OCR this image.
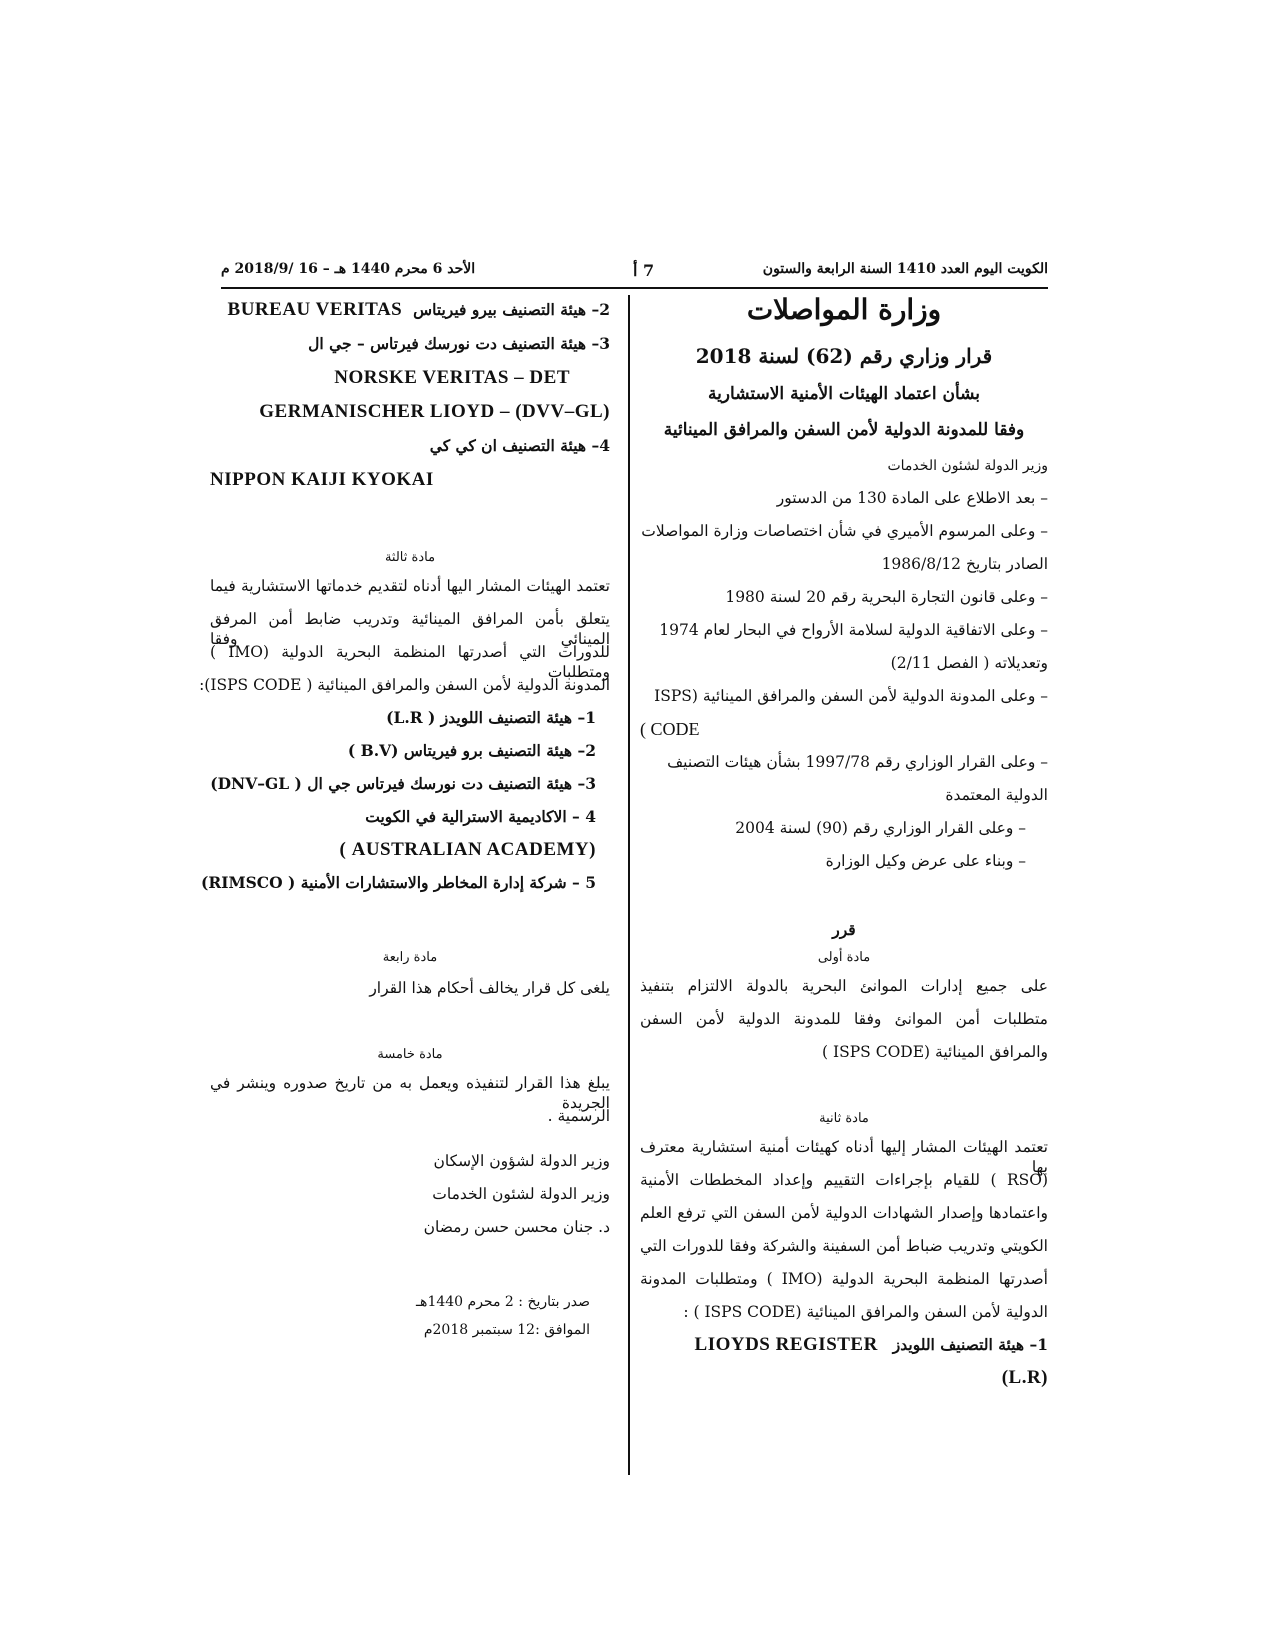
الكويت اليوم العدد 1410 السنة الرابعة والستون
7 أ
الأحد 6 محرم 1440 هـ – 16 /2018/9 م
وزارة المواصلات
قرار وزاري رقم (62) لسنة 2018
بشأن اعتماد الهيئات الأمنية الاستشارية
وفقا للمدونة الدولية لأمن السفن والمرافق المينائية
وزير الدولة لشئون الخدمات
– بعد الاطلاع على المادة 130 من الدستور
– وعلى المرسوم الأميري في شأن اختصاصات وزارة المواصلات
الصادر بتاريخ 1986/8/12
– وعلى قانون التجارة البحرية رقم 20 لسنة 1980
– وعلى الاتفاقية الدولية لسلامة الأرواح في البحار لعام 1974
وتعديلاته ( الفصل 2/11)
– وعلى المدونة الدولية لأمن السفن والمرافق المينائية (ISPS
CODE )
– وعلى القرار الوزاري رقم 1997/78 بشأن هيئات التصنيف
الدولية المعتمدة
– وعلى القرار الوزاري رقم (90) لسنة 2004
– وبناء على عرض وكيل الوزارة
قرر
مادة أولى
على جميع إدارات الموانئ البحرية بالدولة الالتزام بتنفيذ
متطلبات أمن الموانئ وفقا للمدونة الدولية لأمن السفن
والمرافق المينائية (ISPS CODE )
مادة ثانية
تعتمد الهيئات المشار إليها أدناه كهيئات أمنية استشارية معترف بها
(RSO ) للقيام بإجراءات التقييم وإعداد المخططات الأمنية
واعتمادها وإصدار الشهادات الدولية لأمن السفن التي ترفع العلم
الكويتي وتدريب ضباط أمن السفينة والشركة وفقا للدورات التي
أصدرتها المنظمة البحرية الدولية (IMO ) ومتطلبات المدونة
الدولية لأمن السفن والمرافق المينائية (ISPS CODE ) :
1– هيئة التصنيف اللويدز LIOYDS REGISTER
(L.R)
2– هيئة التصنيف بيرو فيريتاس BUREAU VERITAS
3– هيئة التصنيف دت نورسك فيرتاس – جي ال
NORSKE VERITAS – DET
GERMANISCHER LIOYD – (DVV–GL)
4– هيئة التصنيف ان كي كي
NIPPON KAIJI KYOKAI
مادة ثالثة
تعتمد الهيئات المشار اليها أدناه لتقديم خدماتها الاستشارية فيما
يتعلق بأمن المرافق المينائية وتدريب ضابط أمن المرفق المينائي وفقا
للدورات التي أصدرتها المنظمة البحرية الدولية (IMO ) ومتطلبات
المدونة الدولية لأمن السفن والمرافق المينائية ( ISPS CODE):
1– هيئة التصنيف اللويدز ( L.R)
2– هيئة التصنيف برو فيريتاس (B.V )
3– هيئة التصنيف دت نورسك فيرتاس جي ال ( DNV–GL)
4 – الاكاديمية الاسترالية في الكويت
(AUSTRALIAN ACADEMY )
5 – شركة إدارة المخاطر والاستشارات الأمنية ( RIMSCO)
مادة رابعة
يلغى كل قرار يخالف أحكام هذا القرار
مادة خامسة
يبلغ هذا القرار لتنفيذه ويعمل به من تاريخ صدوره وينشر في الجريدة
الرسمية .
وزير الدولة لشؤون الإسكان
وزير الدولة لشئون الخدمات
د. جنان محسن حسن رمضان
صدر بتاريخ : 2 محرم 1440هـ
الموافق :12 سبتمبر 2018م
